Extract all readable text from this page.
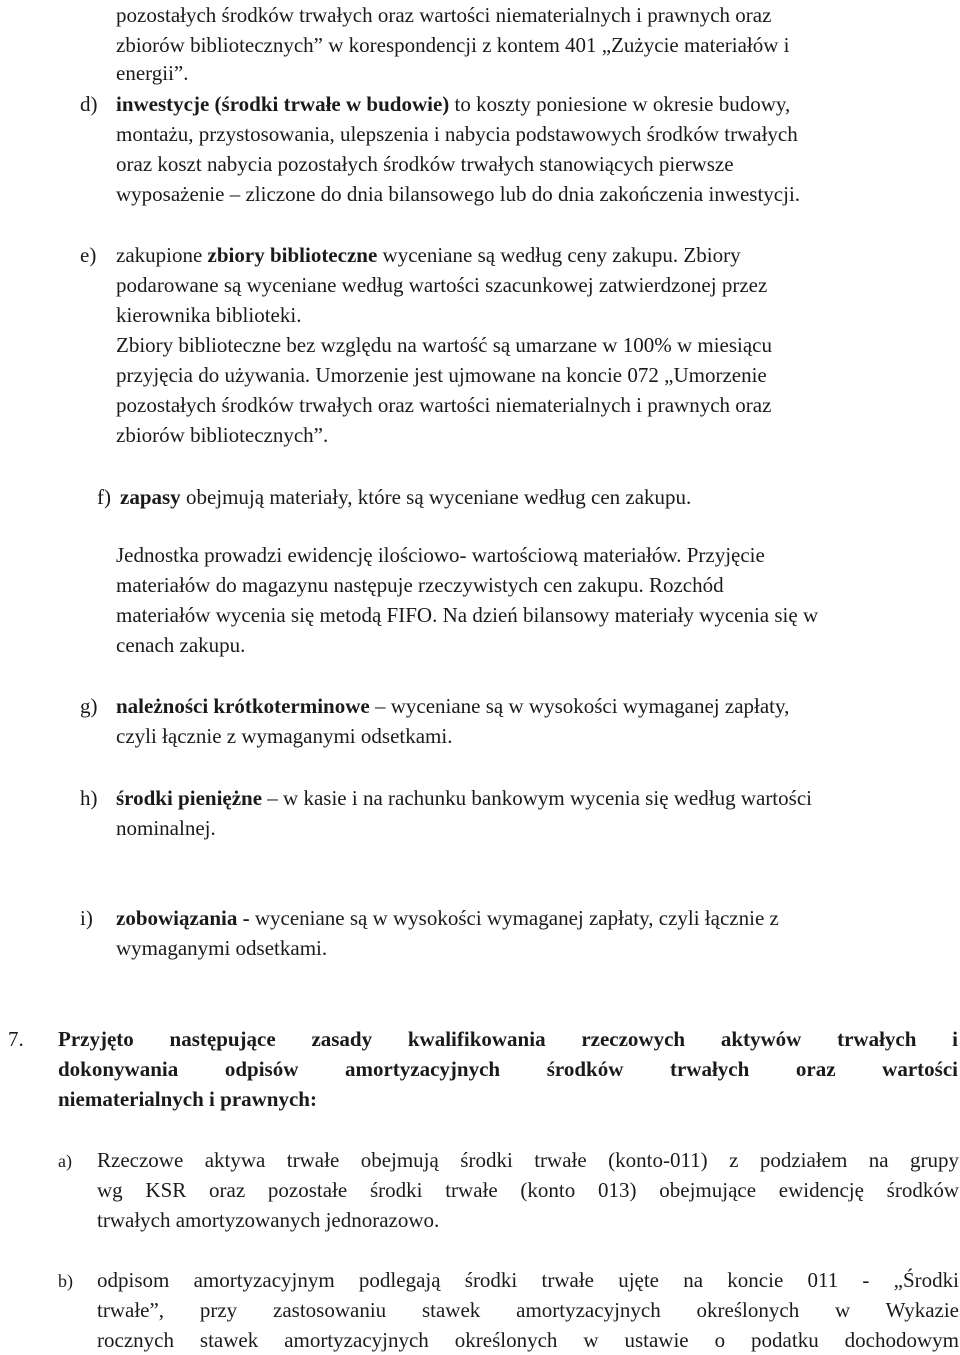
pozostałych środków trwałych oraz wartości niematerialnych i prawnych oraz
zbiorów bibliotecznych” w korespondencji z kontem 401 „Zużycie materiałów i
energii”.
d) inwestycje (środki trwałe w budowie) to koszty poniesione w okresie budowy,
montażu, przystosowania, ulepszenia i nabycia podstawowych środków trwałych
oraz koszt nabycia pozostałych środków trwałych stanowiących pierwsze
wyposażenie – zliczone do dnia bilansowego lub do dnia zakończenia inwestycji.
e) zakupione zbiory biblioteczne wyceniane są według ceny zakupu. Zbiory
podarowane są wyceniane według wartości szacunkowej zatwierdzonej przez
kierownika biblioteki.
Zbiory biblioteczne bez względu na wartość są umarzane w 100% w miesiącu
przyjęcia do używania. Umorzenie jest ujmowane na koncie 072 „Umorzenie
pozostałych środków trwałych oraz wartości niematerialnych i prawnych oraz
zbiorów bibliotecznych”.
f) zapasy obejmują materiały, które są wyceniane według cen zakupu.
Jednostka prowadzi ewidencję ilościowo- wartościową materiałów. Przyjęcie
materiałów do magazynu następuje rzeczywistych cen zakupu. Rozchód
materiałów wycenia się metodą FIFO. Na dzień bilansowy materiały wycenia się w
cenach zakupu.
g) należności krótkoterminowe – wyceniane są w wysokości wymaganej zapłaty,
czyli łącznie z wymaganymi odsetkami.
h) środki pieniężne – w kasie i na rachunku bankowym wycenia się według wartości
nominalnej.
i) zobowiązania - wyceniane są w wysokości wymaganej zapłaty, czyli łącznie z
wymaganymi odsetkami.
7. Przyjęto następujące zasady kwalifikowania rzeczowych aktywów trwałych i
dokonywania odpisów amortyzacyjnych środków trwałych oraz wartości
niematerialnych i prawnych:
a) Rzeczowe aktywa trwałe obejmują środki trwałe (konto-011) z podziałem na grupy
wg KSR oraz pozostałe środki trwałe (konto 013) obejmujące ewidencję środków
trwałych amortyzowanych jednorazowo.
b) odpisom amortyzacyjnym podlegają środki trwałe ujęte na koncie 011 - „Środki
trwałe”, przy zastosowaniu stawek amortyzacyjnych określonych w Wykazie
rocznych stawek amortyzacyjnych określonych w ustawie o podatku dochodowym
